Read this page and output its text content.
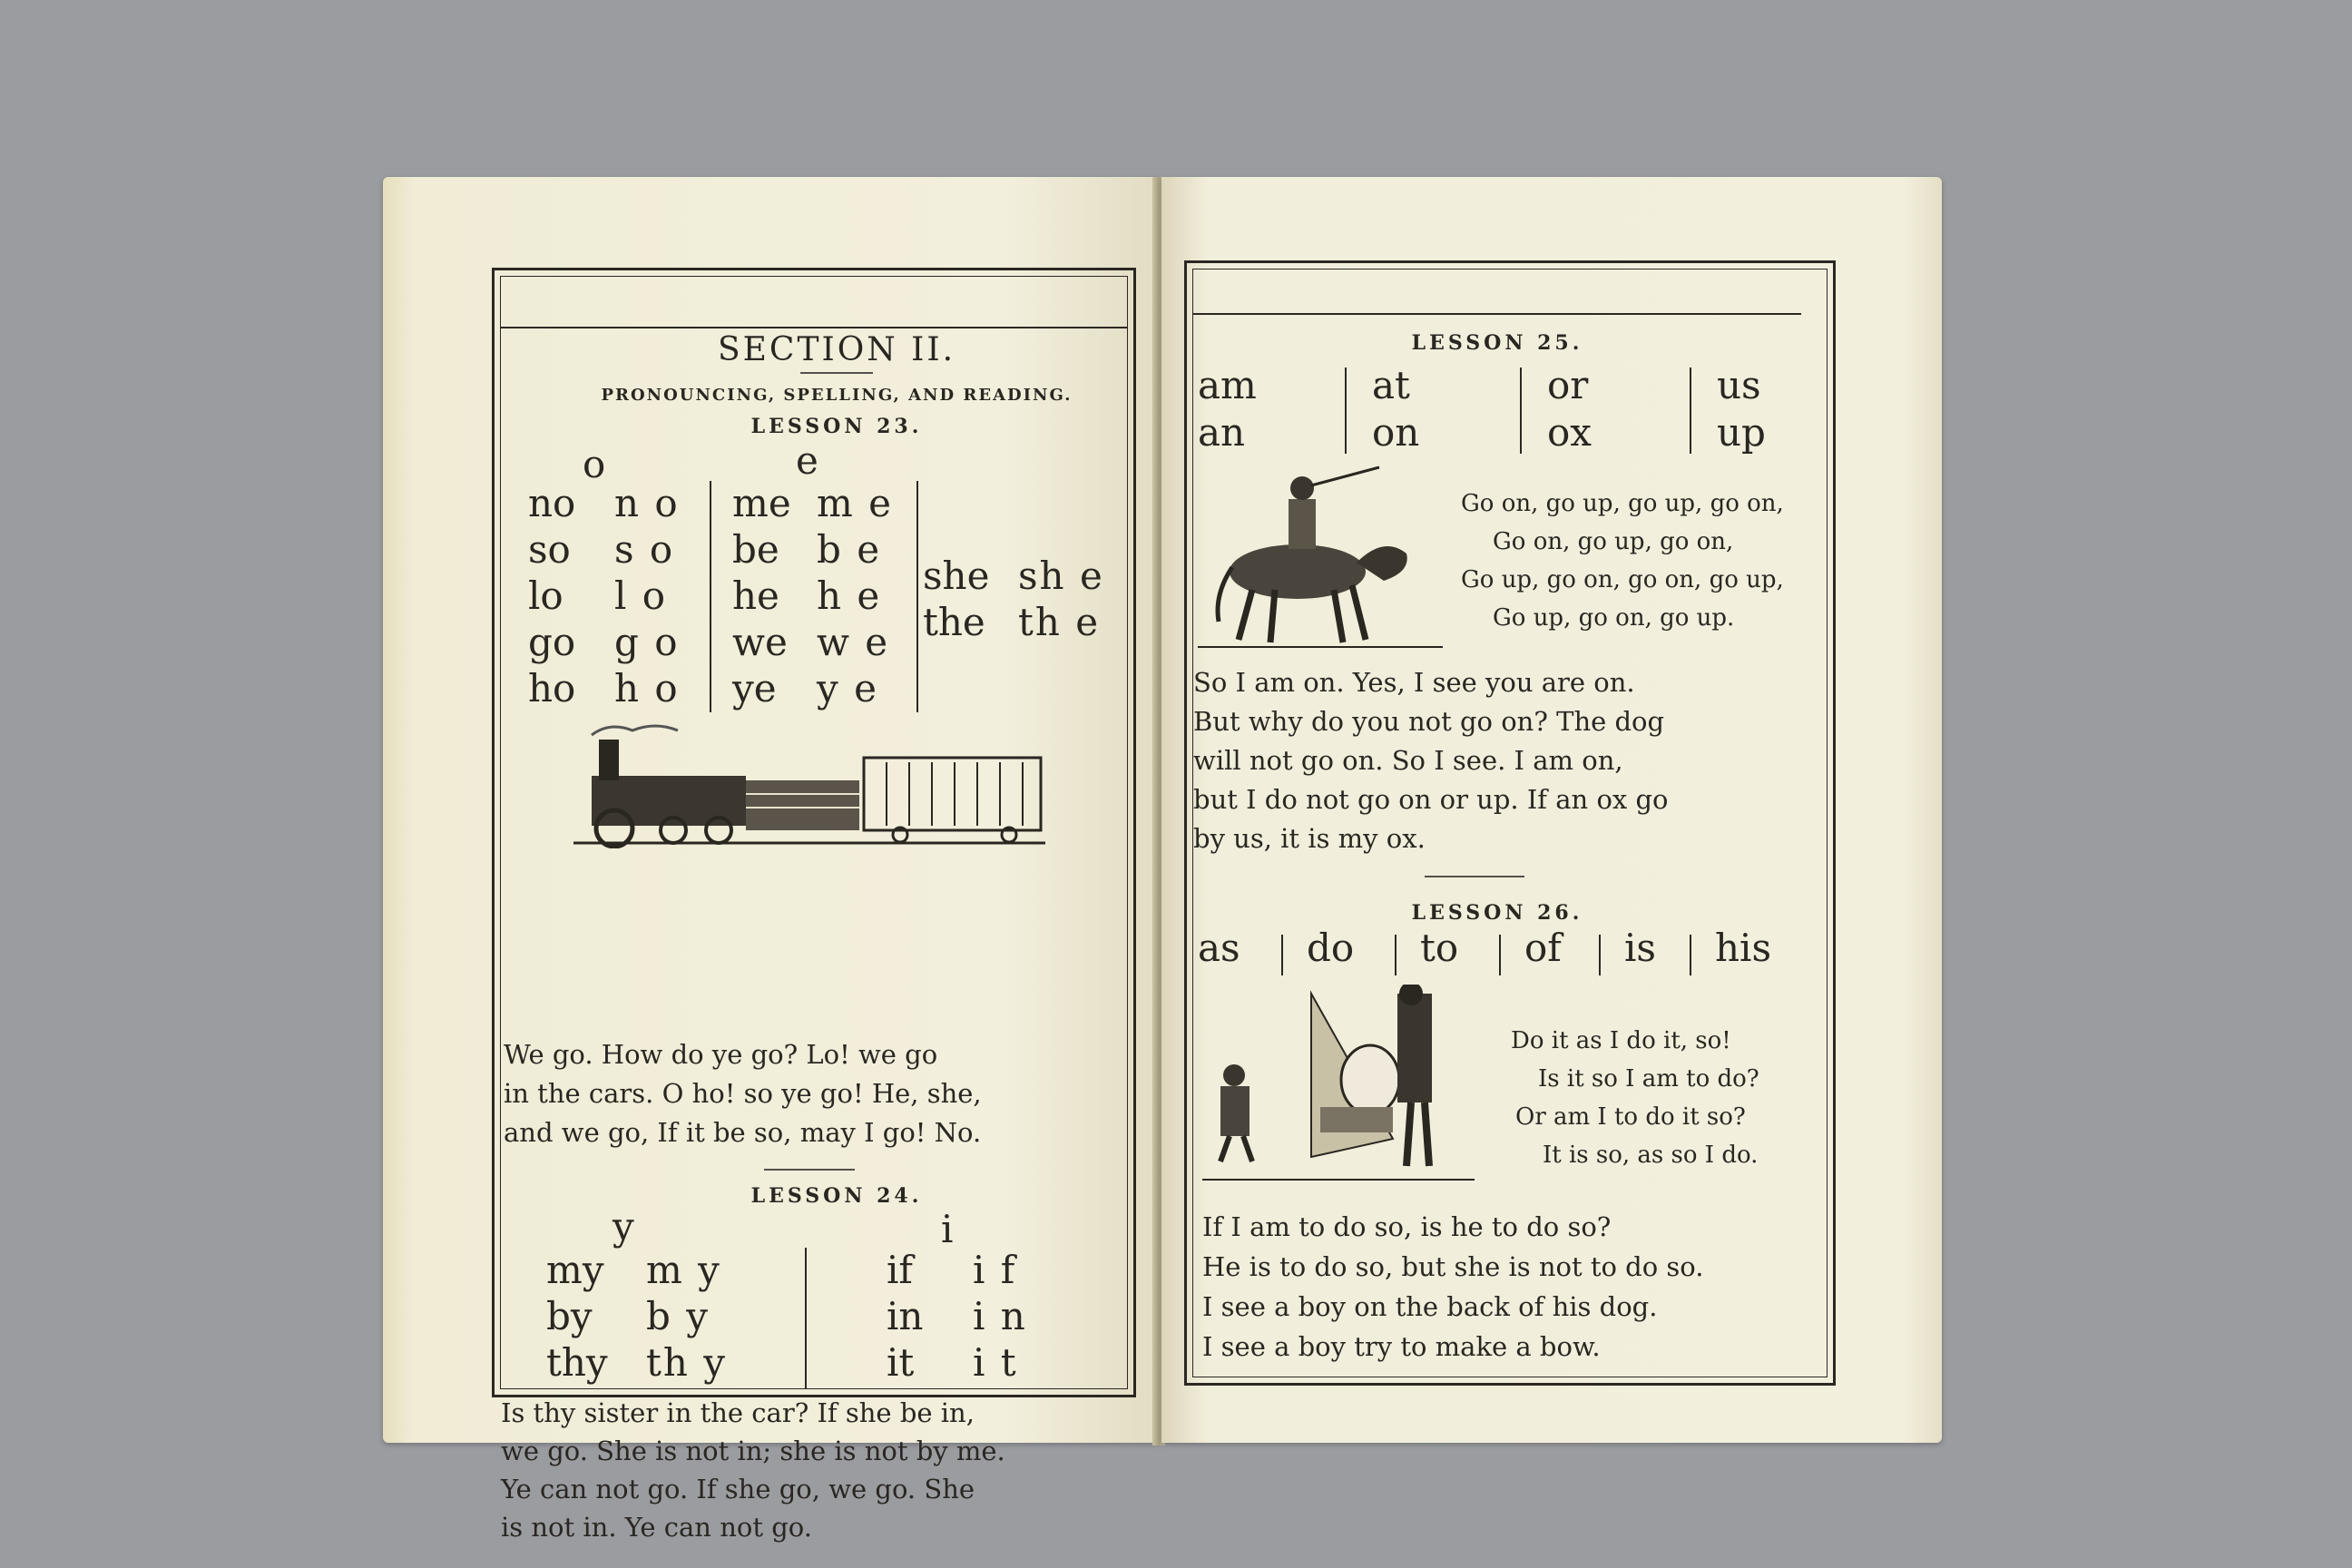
SECTION II.
PRONOUNCING, SPELLING, AND READING.
LESSON 23.
o	e
no n o
so s o
lo l o
go g o
ho h o
me m e
be b e
he h e
we w e
ye y e
she sh e
the th e
We go. How do ye go? Lo! we go
in the cars. O ho! so ye go! He, she,
and we go, If it be so, may I go! No.
LESSON 24.
y	i
my m y
by b y
thy th y
if i f
in i n
it i t
Is thy sister in the car? If she be in,
we go. She is not in; she is not by me.
Ye can not go. If she go, we go. She
is not in. Ye can not go.
LESSON 25.
am
an
at
on
or
ox
us
up
Go on, go up, go up, go on,
Go on, go up, go on,
Go up, go on, go on, go up,
Go up, go on, go up.
So I am on. Yes, I see you are on.
But why do you not go on? The dog
will not go on. So I see. I am on,
but I do not go on or up. If an ox go
by us, it is my ox.
LESSON 26.
as do to of is his
Do it as I do it, so!
Is it so I am to do?
Or am I to do it so?
It is so, as so I do.
If I am to do so, is he to do so?
He is to do so, but she is not to do so.
I see a boy on the back of his dog.
I see a boy try to make a bow.
